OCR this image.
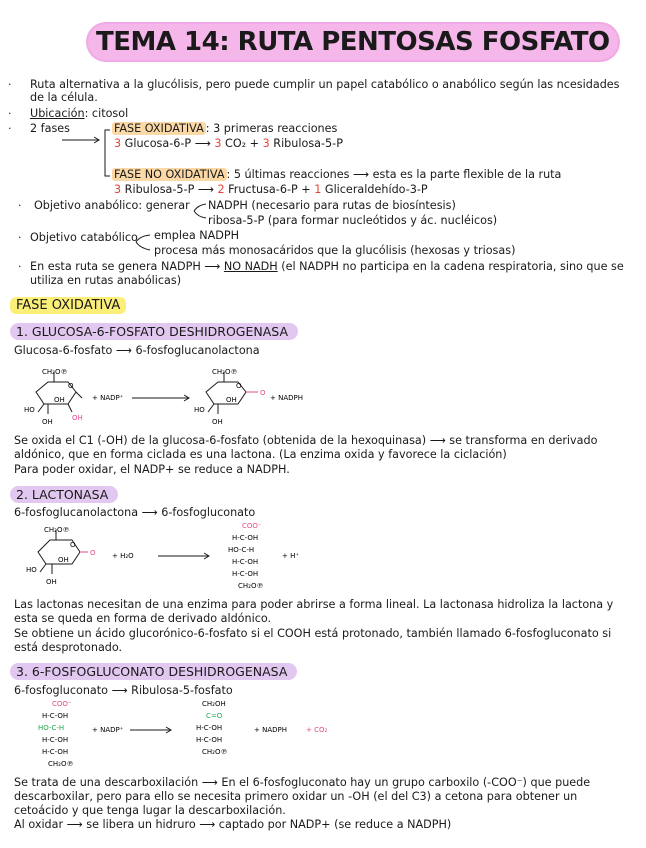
TEMA 14: RUTA PENTOSAS FOSFATO
· Ruta alternativa a la glucólisis, pero puede cumplir un papel catabólico o anabólico según las ncesidades
de la célula.
· Ubicación: citosol
· 2 fases	FASE OXIDATIVA : 3 primeras reacciones
3 Glucosa-6-P ⟶ 3 CO₂ + 3 Ribulosa-5-P
FASE NO OXIDATIVA : 5 últimas reacciones ⟶ esta es la parte flexible de la ruta
3 Ribulosa-5-P ⟶ 2 Fructusa-6-P + 1 Gliceraldehído-3-P
· Objetivo anabólico: generar NADPH (necesario para rutas de biosíntesis)
ribosa-5-P (para formar nucleótidos y ác. nucléicos)
· Objetivo catabólico emplea NADPH
procesa más monosacáridos que la glucólisis (hexosas y triosas)
· En esta ruta se genera NADPH ⟶ NO NADH (el NADPH no participa en la cadena respiratoria, sino que se
utiliza en rutas anabólicas)
FASE OXIDATIVA
1. GLUCOSA-6-FOSFATO DESHIDROGENASA
Glucosa-6-fosfato ⟶ 6-fosfoglucanolactona
CH₂O℗
O
HO
OH	OH
OH	+ NADP⁺
CH₂O℗
O
O
HO
OH
OH	+ NADPH
Se oxida el C1 (-OH) de la glucosa-6-fosfato (obtenida de la hexoquinasa) ⟶ se transforma en derivado
aldónico, que en forma ciclada es una lactona. (La enzima oxida y favorece la ciclación)
Para poder oxidar, el NADP+ se reduce a NADPH.
2. LACTONASA
6-fosfoglucanolactona ⟶ 6-fosfogluconato
CH₂O℗
O
O
HO
OH
OH	+ H₂O
COO⁻
H-C-OH
HO-C-H
H-C-OH
H-C-OH
CH₂O℗
+ H⁺
Las lactonas necesitan de una enzima para poder abrirse a forma lineal. La lactonasa hidroliza la lactona y
esta se queda en forma de derivado aldónico.
Se obtiene un ácido glucorónico-6-fosfato si el COOH está protonado, también llamado 6-fosfogluconato si
está desprotonado.
3. 6-FOSFOGLUCONATO DESHIDROGENASA
6-fosfogluconato ⟶ Ribulosa-5-fosfato
COO⁻
H-C-OH
HO-C-H
H-C-OH
H-C-OH
CH₂O℗
+ NADP⁺
CH₂OH
C=O
H-C-OH
H-C-OH
CH₂O℗
+ NADPH	+ CO₂
Se trata de una descarboxilación ⟶ En el 6-fosfogluconato hay un grupo carboxilo (-COO⁻) que puede
descarboxilar, pero para ello se necesita primero oxidar un -OH (el del C3) a cetona para obtener un
cetoácido y que tenga lugar la descarboxilación.
Al oxidar ⟶ se libera un hidruro ⟶ captado por NADP+ (se reduce a NADPH)
